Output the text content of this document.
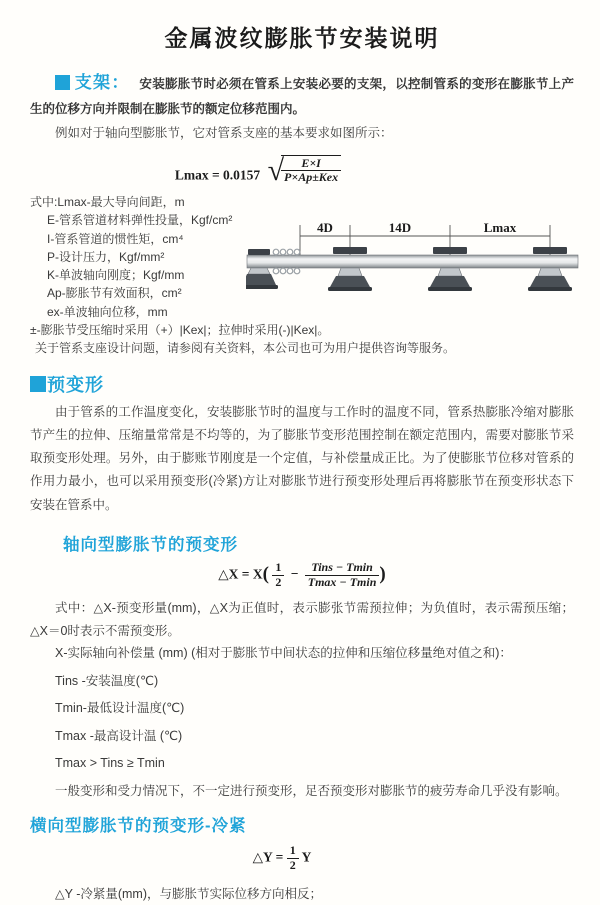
金属波纹膨胀节安装说明

支架： 安装膨胀节时必须在管系上安装必要的支架，以控制管系的变形在膨胀节上产生的位移方向并限制在膨胀节的额定位移范围内。

例如对于轴向型膨胀节，它对管系支座的基本要求如图所示：

Lmax = 0.0157 √
$\frac{E\times I}{\text{P×Ap±Kex}}$
式中:Lmax-最大导向间距，m
E-管系管道材料弹性投量，Kgf/cm²
I-管系管道的惯性矩，cm⁴
P-设计压力，Kgf/mm²
K-单波轴向刚度；Kgf/mm
Ap-膨胀节有效面积，cm²
ex-单波轴向位移，mm
±-膨胀节受压缩时采用（+）|Kex|；拉伸时采用(-)|Kex|。
关于管系支座设计问题，请参阅有关资料，本公司也可为用户提供咨询等服务。
4D	14D	Lmax
预变形

由于管系的工作温度变化，安装膨胀节时的温度与工作时的温度不同，管系热膨胀冷缩对膨胀节产生的拉伸、压缩量常常是不均等的，为了膨胀节变形范围控制在额定范围内，需要对膨胀节采取预变形处理。另外，由于膨账节刚度是一个定值，与补偿量成正比。为了使膨胀节位移对管系的作用力最小，也可以采用预变形(冷紧)方让对膨胀节进行预变形处理后再将膨胀节在预变形状态下安装在管系中。

轴向型膨胀节的预变形
△X = $X( \frac{1}{2} - \frac{\text{Tins − Tmin}}{Tmax - Tmin}$ )

式中：△X-预变形量(mm)，△X为正值时，表示膨张节需预拉伸；为负值时，表示需预压缩；△X＝0时表示不需预变形。

X-实际轴向补偿量 (mm) (相对于膨胀节中间状态的拉伸和压缩位移量绝对值之和)：

Tins -安装温度(℃)

Tmin-最低设计温度(℃)

Tmax -最高设计温 (℃)

Tmax > Tins ≥ Tmin

一般变形和受力情况下，不一定进行预变形，足否预变形对膨胀节的疲劳寿命几乎没有影响。

横向型膨胀节的预变形-冷紧
△Y = $\frac{1}{2}$ Y

△Y -冷紧量(mm)，与膨胀节实际位移方向相反；
